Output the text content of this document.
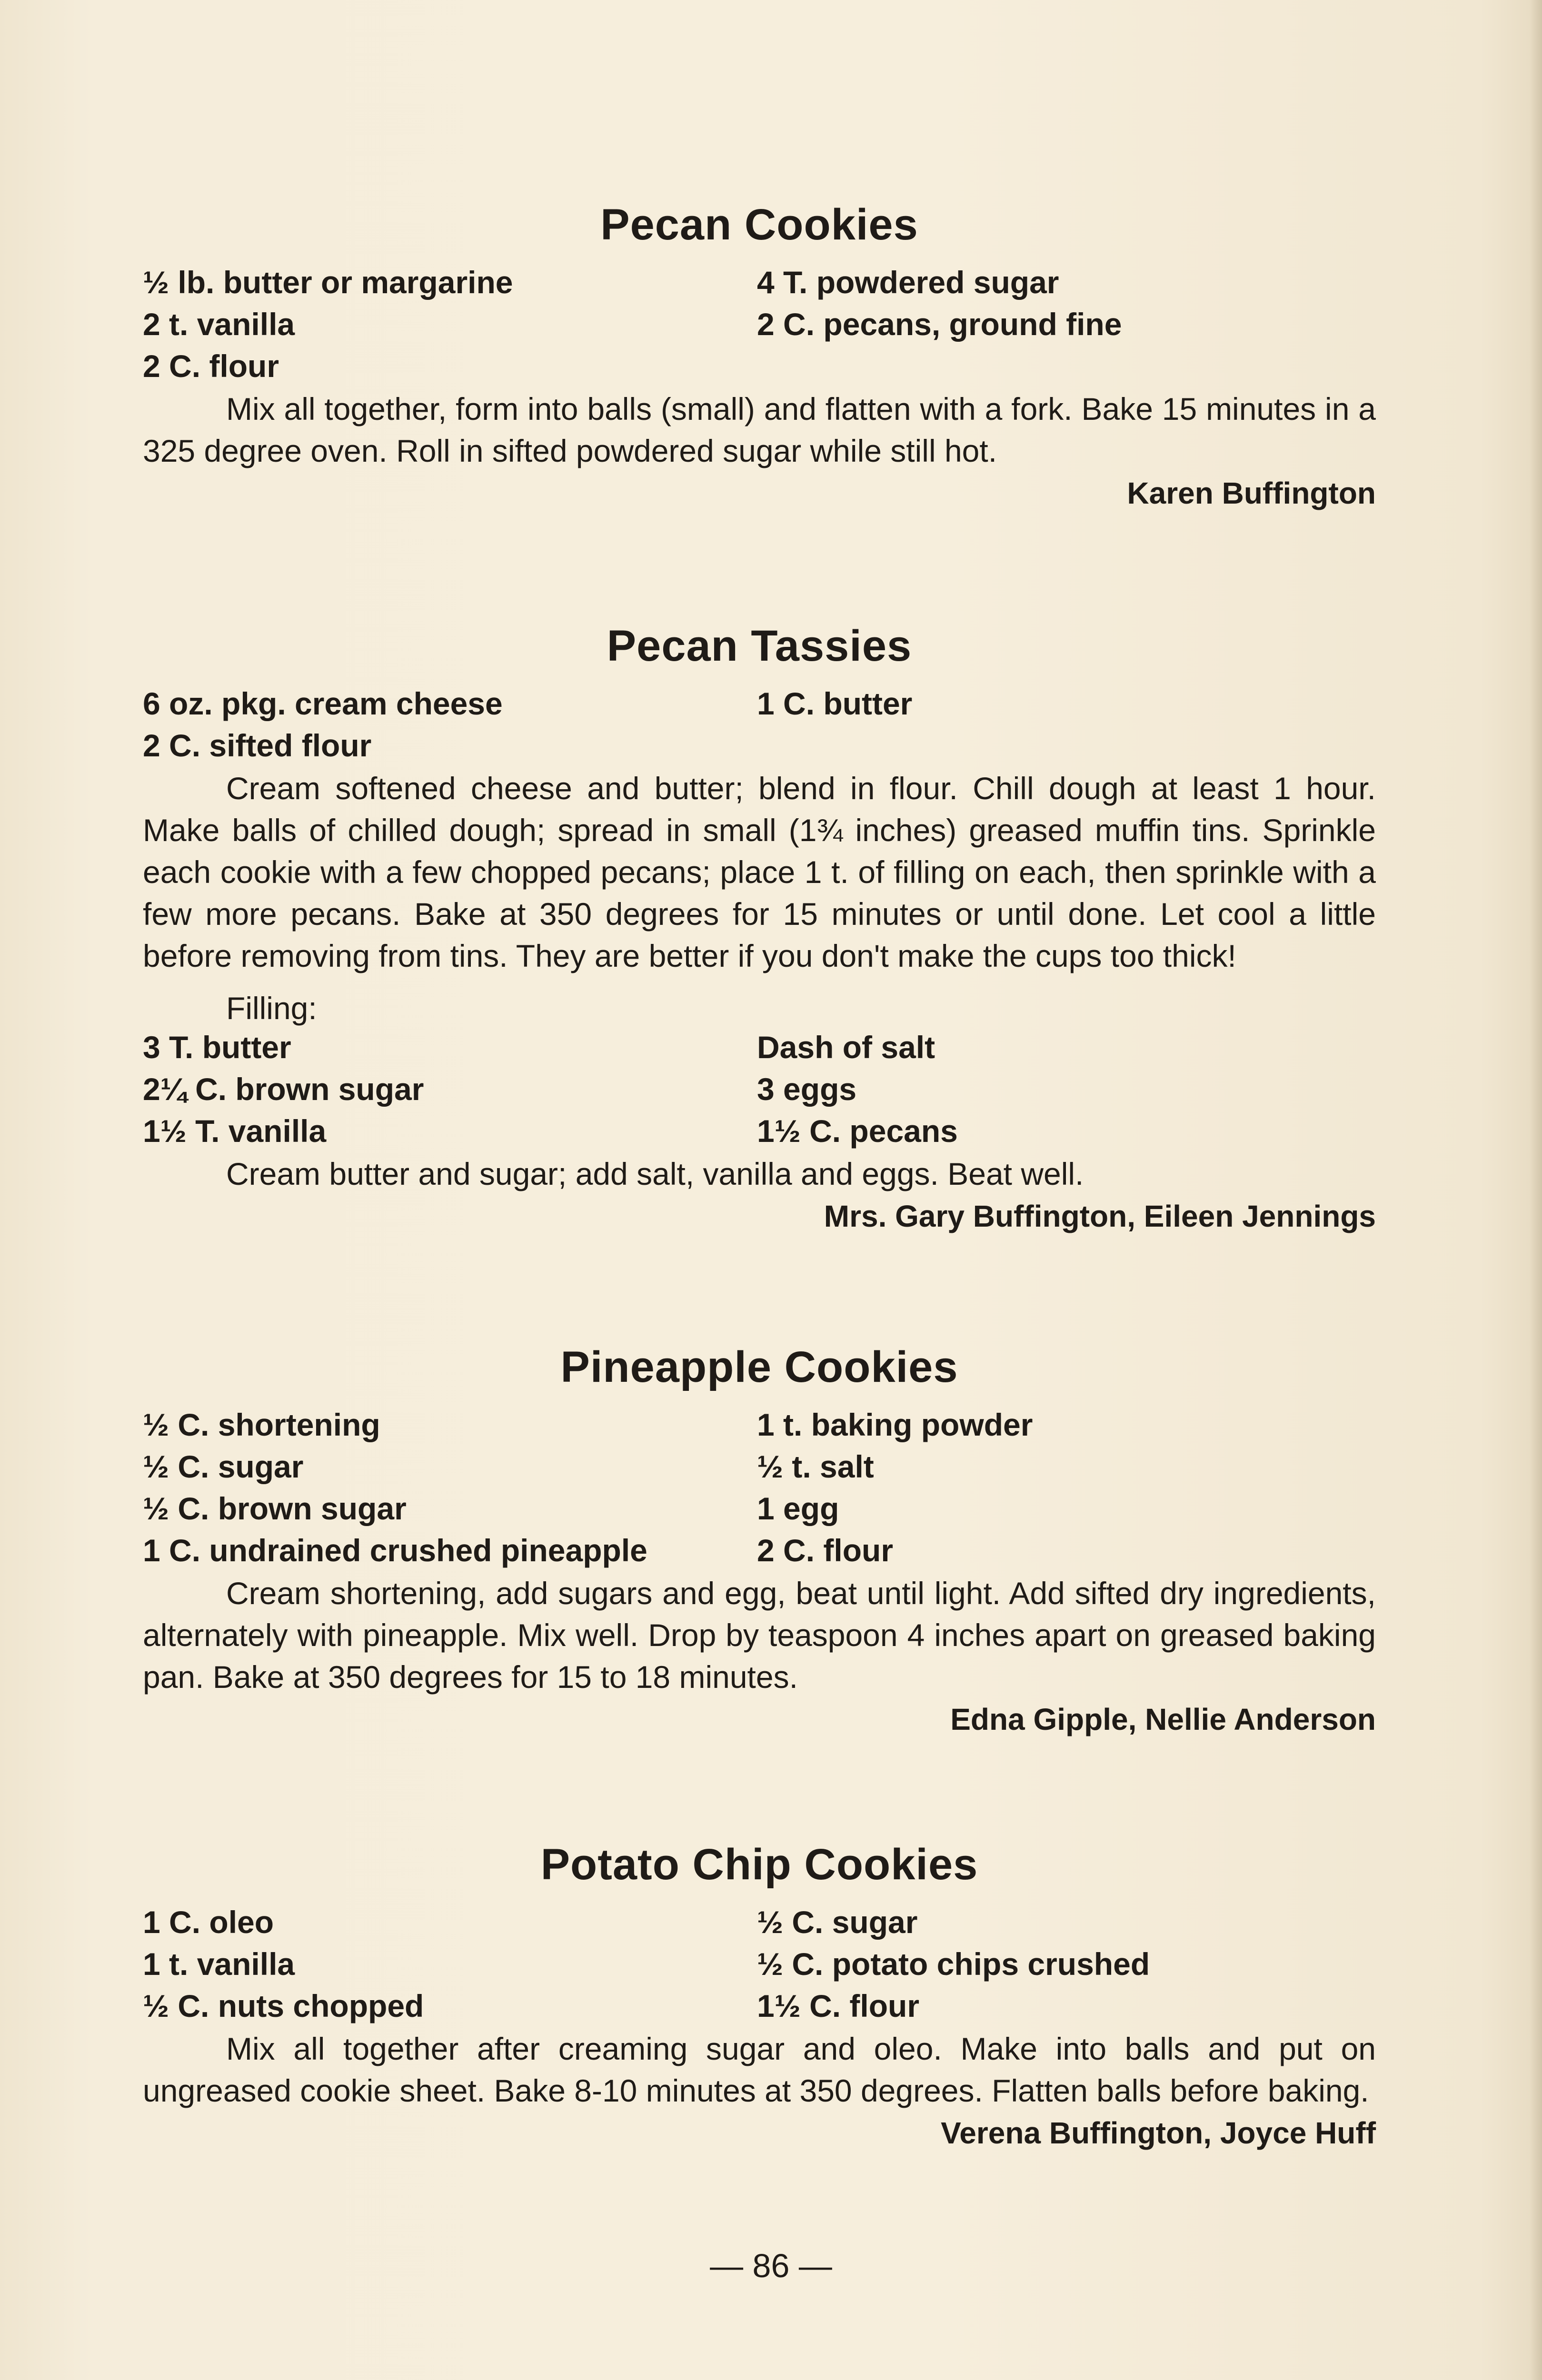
Pecan Cookies
½ lb. butter or margarine	4 T. powdered sugar
2 t. vanilla	2 C. pecans, ground fine
2 C. flour

Mix all together, form into balls (small) and flatten with a fork. Bake 15 minutes in a 325 degree oven. Roll in sifted powdered sugar while still hot.

Karen Buffington
Pecan Tassies
6 oz. pkg. cream cheese	1 C. butter
2 C. sifted flour

Cream softened cheese and butter; blend in flour. Chill dough at least 1 hour. Make balls of chilled dough; spread in small (1¾ inches) greased muffin tins. Sprinkle each cookie with a few chopped pecans; place 1 t. of filling on each, then sprinkle with a few more pecans. Bake at 350 degrees for 15 minutes or until done. Let cool a little before removing from tins. They are better if you don't make the cups too thick!

Filling:
3 T. butter	Dash of salt
2¼ C. brown sugar	3 eggs
1½ T. vanilla	1½ C. pecans

Cream butter and sugar; add salt, vanilla and eggs. Beat well.

Mrs. Gary Buffington, Eileen Jennings
Pineapple Cookies
½ C. shortening	1 t. baking powder
½ C. sugar	½ t. salt
½ C. brown sugar	1 egg
1 C. undrained crushed pineapple	2 C. flour

Cream shortening, add sugars and egg, beat until light. Add sifted dry ingredients, alternately with pineapple. Mix well. Drop by teaspoon 4 inches apart on greased baking pan. Bake at 350 degrees for 15 to 18 minutes.

Edna Gipple, Nellie Anderson
Potato Chip Cookies
1 C. oleo	½ C. sugar
1 t. vanilla	½ C. potato chips crushed
½ C. nuts chopped	1½ C. flour

Mix all together after creaming sugar and oleo. Make into balls and put on ungreased cookie sheet. Bake 8-10 minutes at 350 degrees. Flatten balls before baking.

Verena Buffington, Joyce Huff
— 86 —
